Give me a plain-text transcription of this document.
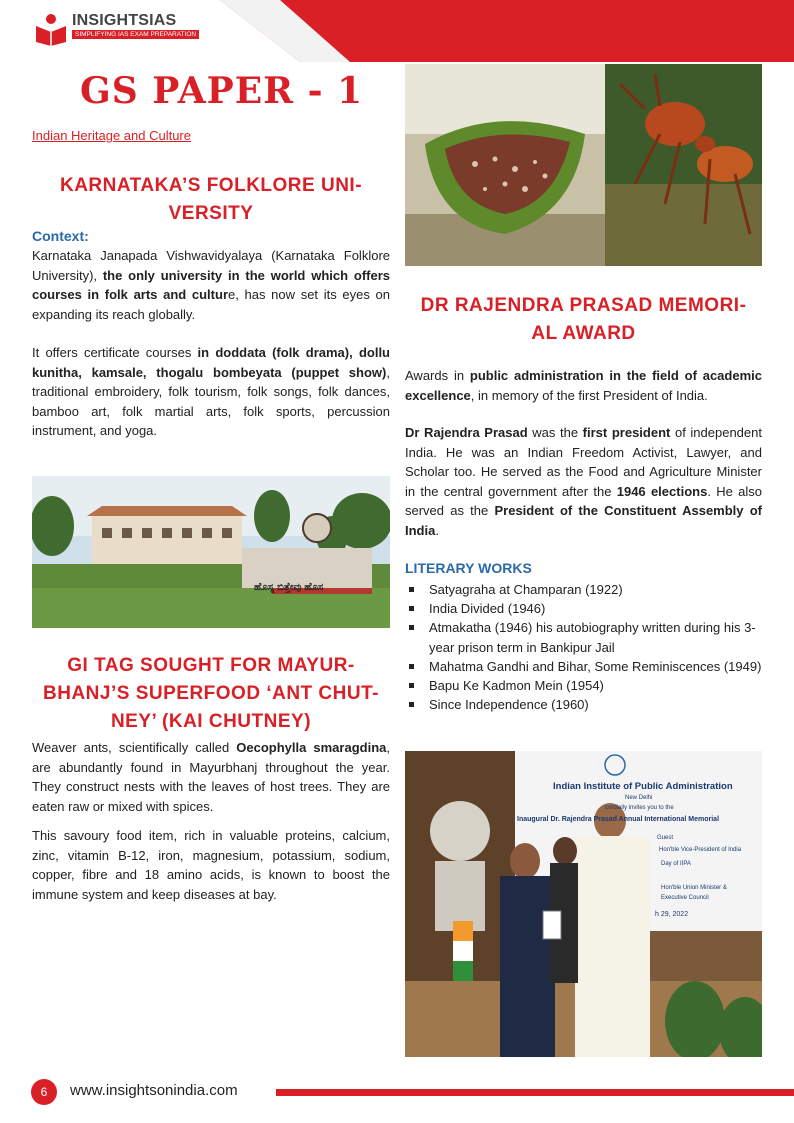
INSIGHTSIAS
SIMPLIFYING IAS EXAM PREPARATION
GS PAPER - 1
Indian Heritage and Culture
KARNATAKA’S FOLKLORE UNI-
VERSITY
Context:
Karnataka Janapada Vishwavidyalaya (Karnataka Folklore University), the only university in the world which offers courses in folk arts and culture, has now set its eyes on expanding its reach globally.
It offers certificate courses in doddata (folk drama), dollu kunitha, kamsale, thogalu bombeyata (puppet show), traditional embroidery, folk tourism, folk songs, folk dances, bamboo art, folk martial arts, folk sports, percussion instrument, and yoga.
ಹೊಸ್ನ ಬಿತ್ತೇವು ಹೊಸ
GI TAG SOUGHT FOR MAYUR-
BHANJ’S SUPERFOOD ‘ANT CHUT-
NEY’ (KAI CHUTNEY)
Weaver ants, scientifically called Oecophylla smaragdina, are abundantly found in Mayurbhanj throughout the year. They construct nests with the leaves of host trees. They are eaten raw or mixed with spices.
This savoury food item, rich in valuable proteins, calcium, zinc, vitamin B-12, iron, magnesium, potassium, sodium, copper, fibre and 18 amino acids, is known to boost the immune system and keep diseases at bay.
DR RAJENDRA PRASAD MEMORI-
AL AWARD
Awards in public administration in the field of academic excellence, in memory of the first President of India.
Dr Rajendra Prasad was the first president of independent India. He was an Indian Freedom Activist, Lawyer, and Scholar too. He served as the Food and Agriculture Minister in the central government after the 1946 elections. He also served as the President of the Constituent Assembly of India.
LITERARY WORKS
Satyagraha at Champaran (1922)
India Divided (1946)
Atmakatha (1946) his autobiography written during his 3-year prison term in Bankipur Jail
Mahatma Gandhi and Bihar, Some Reminiscences (1949)
Bapu Ke Kadmon Mein (1954)
Since Independence (1960)
Indian Institute of Public Administration
New Delhi
cordially invites you to the
Inaugural Dr. Rajendra Prasad Annual International Memorial
Guest
Hon'ble Vice-President of India
Day of IIPA
Hon'ble Union Minister &
Executive Council
h 29, 2022
6	www.insightsonindia.com
